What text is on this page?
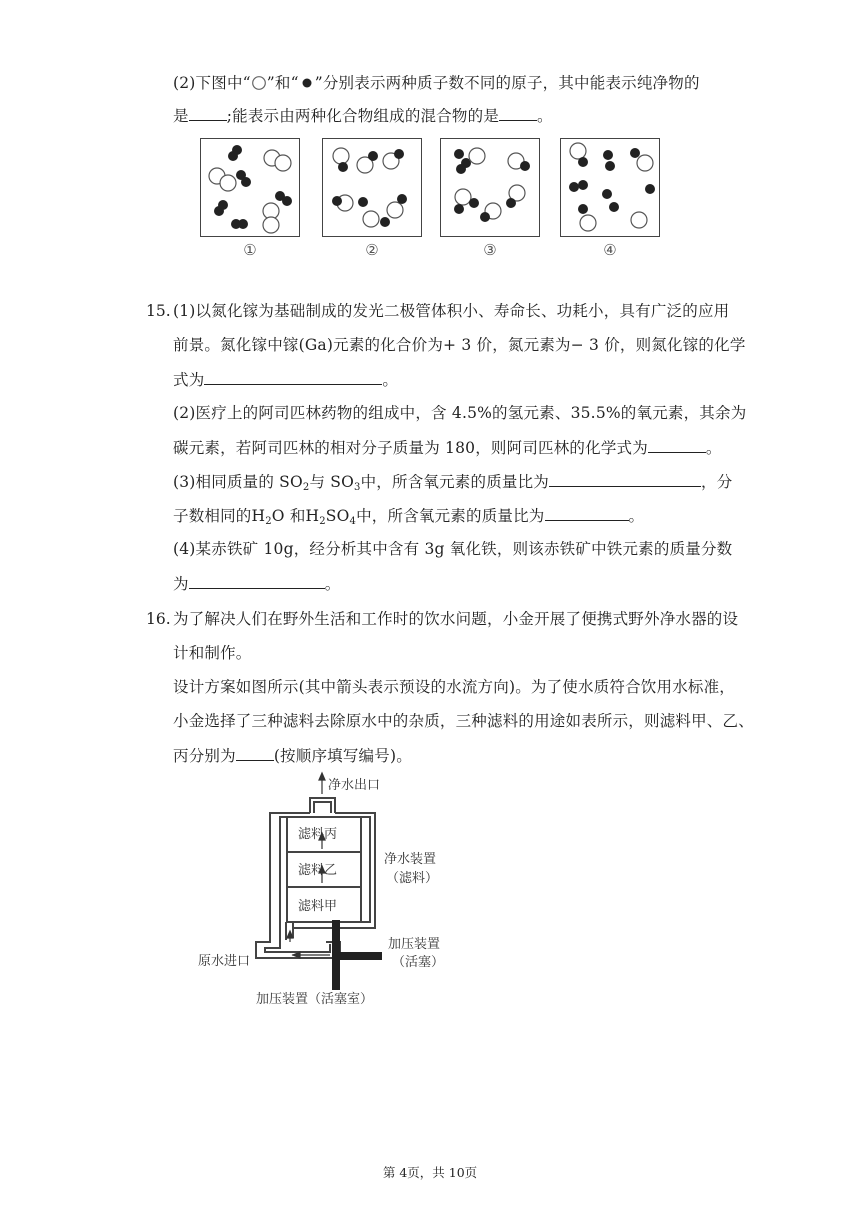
(2)下图中“ ”和“ ”分别表示两种质子数不同的原子，其中能表示纯净物的
是 ;能表示由两种化合物组成的混合物的是 。
①	②	③	④
15. (1)以氮化镓为基础制成的发光二极管体积小、寿命长、功耗小，具有广泛的应用
前景。氮化镓中镓(Ga)元素的化合价为+ 3 价，氮元素为− 3 价，则氮化镓的化学
式为	。
(2)医疗上的阿司匹林药物的组成中，含 4.5%的氢元素、35.5%的氧元素，其余为
碳元素，若阿司匹林的相对分子质量为 180，则阿司匹林的化学式为	。
(3)相同质量的 $SO_2$与 $SO_3$中，所含氧元素的质量比为	，分
子数相同的$H_2O$ 和$H_2SO_4$中，所含氧元素的质量比为	。
(4)某赤铁矿 10g，经分析其中含有 3g 氧化铁，则该赤铁矿中铁元素的质量分数
为	。
16. 为了解决人们在野外生活和工作时的饮水问题，小金开展了便携式野外净水器的设
计和制作。
设计方案如图所示(其中箭头表示预设的水流方向)。为了使水质符合饮用水标准，
小金选择了三种滤料去除原水中的杂质，三种滤料的用途如表所示，则滤料甲、乙、
丙分别为 (按顺序填写编号)。
净水出口
滤料丙
滤料乙
滤料甲
净水装置
（滤料）
加压装置
（活塞）
原水进口
加压装置（活塞室）
第 4页，共 10页
